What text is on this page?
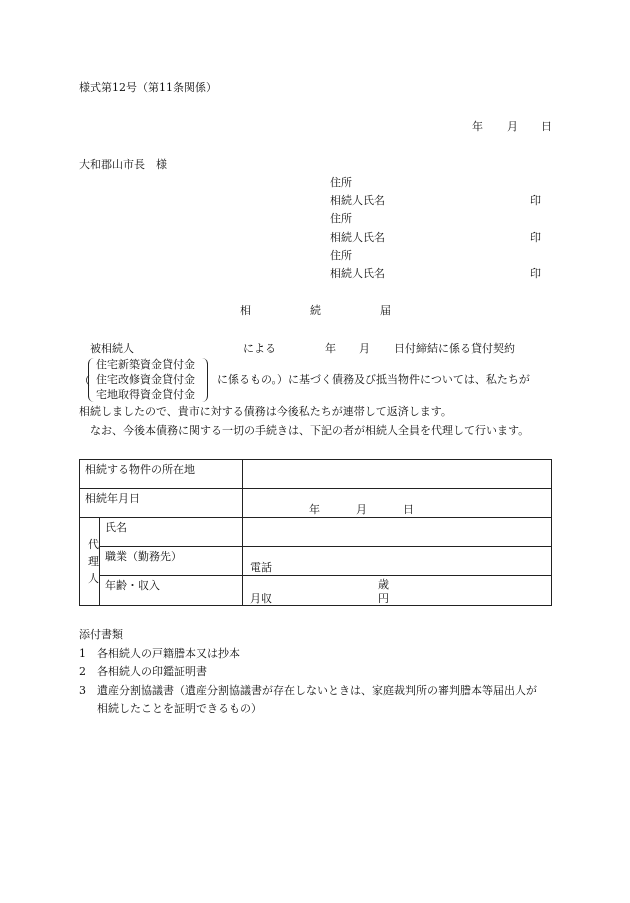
様式第12号（第11条関係）
年 月 日
大和郡山市長　様
住所
相続人氏名	印
住所
相続人氏名	印
住所
相続人氏名	印
相	続	届
被相続人	による	年 月 日付締結に係る貸付契約
（
住宅新築資金貸付金
住宅改修資金貸付金
宅地取得資金貸付金
に係るもの。）に基づく債務及び抵当物件については、私たちが
相続しましたので、貴市に対する債務は今後私たちが連帯して返済します。
　なお、今後本債務に関する一切の手続きは、下記の者が相続人全員を代理して行います。
相続する物件の所在地		

相続年月日		年 月 日

代
理
人	氏名	

	職業（勤務先）	電話

	年齢・収入	歳
月収 円
添付書類
1 各相続人の戸籍謄本又は抄本
2 各相続人の印鑑証明書
3 遺産分割協議書（遺産分割協議書が存在しないときは、家庭裁判所の審判謄本等届出人が
相続したことを証明できるもの）
